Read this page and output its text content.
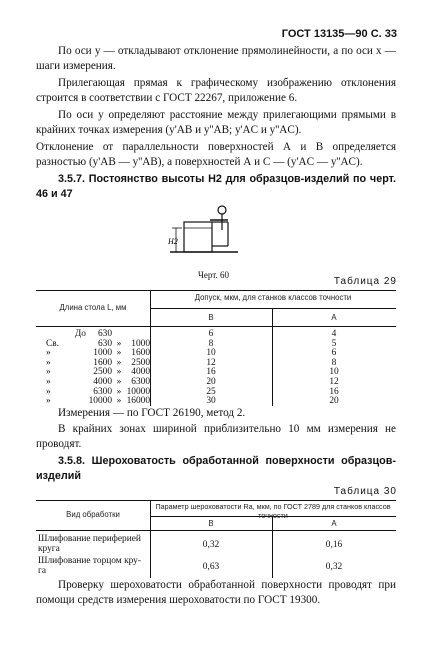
ГОСТ 13135—90 С. 33
По оси y — откладывают отклонение прямолинейности, а по оси x — шаги измерения.
Прилегающая прямая к графическому изображению отклонения строится в соответствии с ГОСТ 22267, приложение 6.
По оси y определяют расстояние между прилегающими прямыми в крайних точках измерения (y'AB и y''AB; y'AC и y''AC).
Отклонение от параллельности поверхностей А и В определяется разностью (y'AB — y''AB), а поверхностей А и С — (y'AC — y''AC).
3.5.7. Постоянство высоты H2 для образцов-изделий по черт. 46 и 47
H2
Черт. 60
Таблица 29
Длина стола L, мм
Допуск, мкм, для станков классов точности
В	А
До	630	6	4
Св.	630 »	1000	8	5
»	1000 »	1600	10	6
»	1600 »	2500	12	8
»	2500 »	4000	16	10
»	4000 »	6300	20	12
»	6300 » 10000	25	16
»	10000 » 16000	30	20
Измерения — по ГОСТ 26190, метод 2.
В крайних зонах шириной приблизительно 10 мм измерения не проводят.
3.5.8. Шероховатость обработанной поверхности образцов-изделий
Таблица 30
Вид обработки
Параметр шероховатости Ra, мкм, по ГОСТ 2789 для станков классов точности
В	А
Шлифование периферией
круга	0,32	0,16
Шлифование торцом кру-
га	0,63	0,32
Проверку шероховатости обработанной поверхности проводят при помощи средств измерения шероховатости по ГОСТ 19300.
